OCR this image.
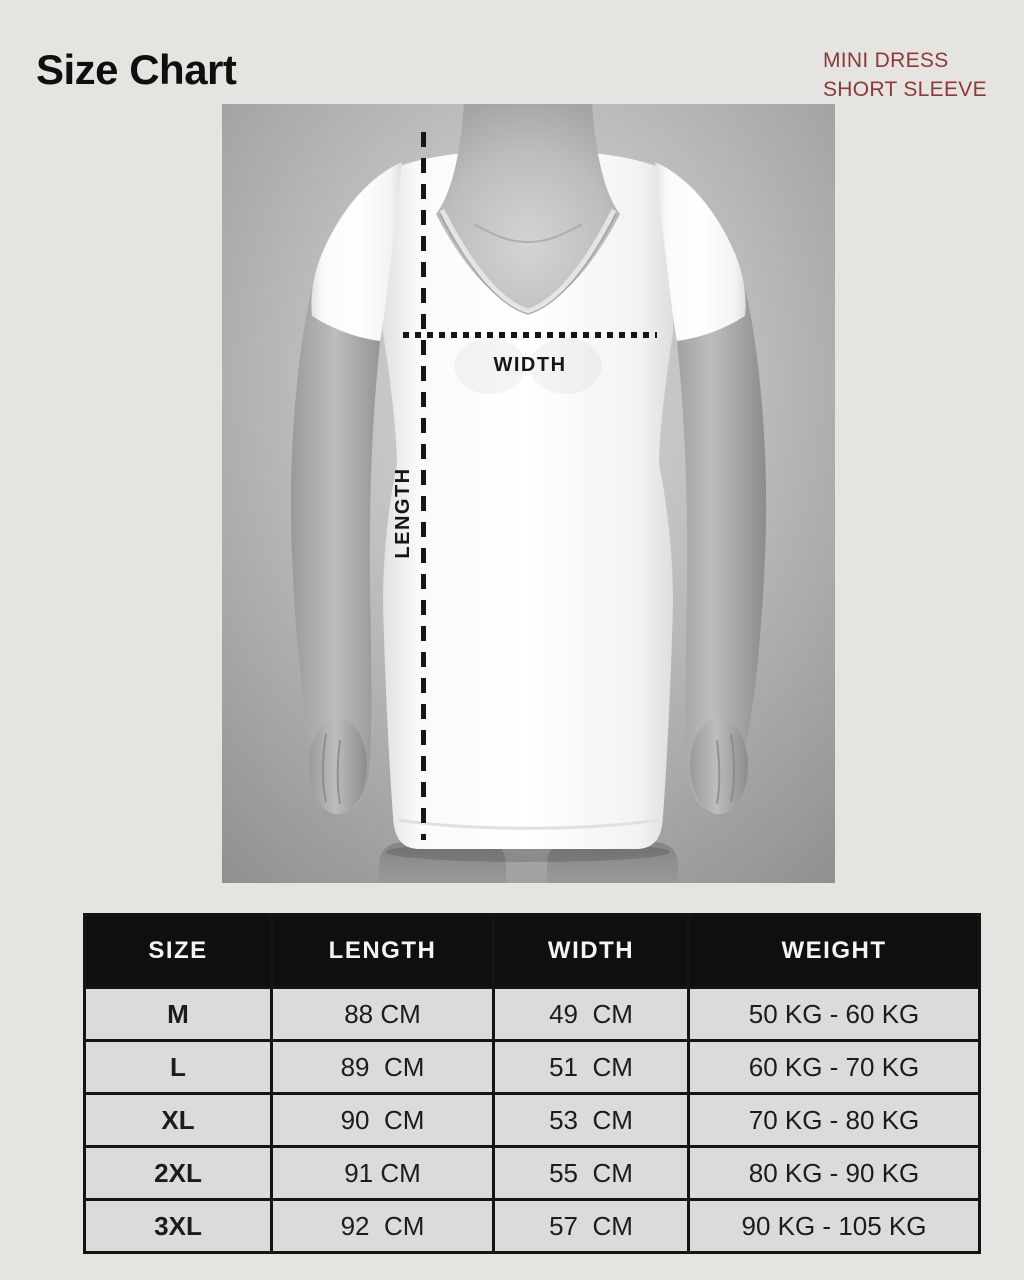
Size Chart	MINI DRESS
SHORT SLEEVE
WIDTH
LENGTH
SIZE	LENGTH	WIDTH	WEIGHT
M	88 CM	49  CM	50 KG - 60 KG
L	89  CM	51  CM	60 KG - 70 KG
XL	90  CM	53  CM	70 KG - 80 KG
2XL	91 CM	55  CM	80 KG - 90 KG
3XL	92  CM	57  CM	90 KG - 105 KG
